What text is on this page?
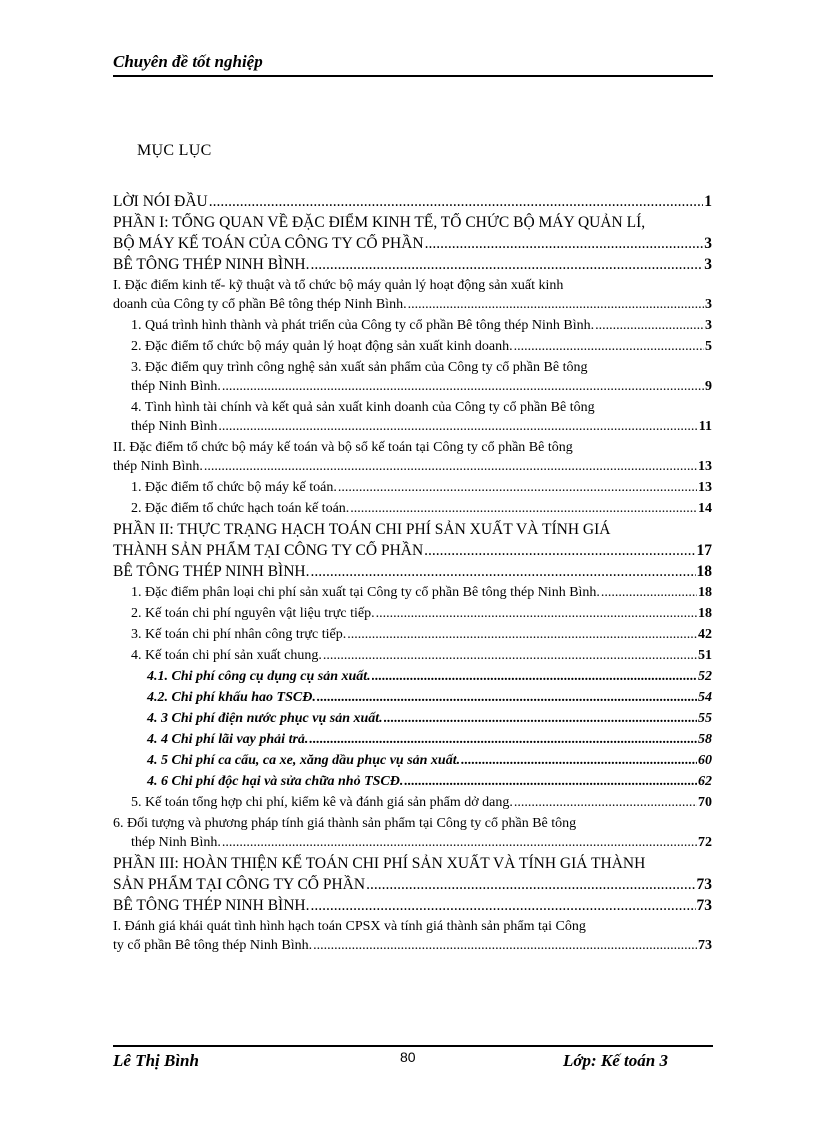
Chuyên đề tốt nghiệp
MỤC LỤC
LỜI NÓI ĐẦU .....	1
PHẦN I: TỔNG QUAN VỀ ĐẶC ĐIỂM KINH TẾ, TỔ CHỨC BỘ MÁY QUẢN LÍ,
BỘ MÁY KẾ TOÁN CỦA CÔNG TY CỔ PHẦN .....	3
BÊ TÔNG THÉP NINH BÌNH. .....	3
I. Đặc điểm kinh tế- kỹ thuật và tổ chức bộ máy quản lý hoạt động sản xuất kinh
doanh của Công ty cổ phần Bê tông thép Ninh Bình. .....	3
1. Quá trình hình thành và phát triển của Công ty cổ phần Bê tông thép Ninh Bình. .....	3
2. Đặc điểm tổ chức bộ máy quản lý hoạt động sản xuất kinh doanh. .....	5
3. Đặc điểm quy trình công nghệ sản xuất sản phẩm của Công ty cổ phần Bê tông
thép Ninh Bình. .....	9
4. Tình hình tài chính và kết quả sản xuất kinh doanh của Công ty cổ phần Bê tông
thép Ninh Bình .....	11
II. Đặc điểm tổ chức bộ máy kế toán và bộ sổ kế toán tại Công ty cổ phần Bê tông
thép Ninh Bình. .....	13
1. Đặc điểm tổ chức bộ máy kế toán. .....	13
2. Đặc điểm tổ chức hạch toán kế toán. .....	14
PHẦN II: THỰC TRẠNG HẠCH TOÁN CHI PHÍ SẢN XUẤT VÀ TÍNH GIÁ
THÀNH SẢN PHẨM TẠI CÔNG TY CỔ PHẦN .....	17
BÊ TÔNG THÉP NINH BÌNH. .....	18
1. Đặc điểm phân loại chi phí sản xuất tại Công ty cổ phần Bê tông thép Ninh Bình. .....	18
2. Kế toán chi phí nguyên vật liệu trực tiếp. .....	18
3. Kế toán chi phí nhân công trực tiếp. .....	42
4. Kế toán chi phí sản xuất chung. .....	51
4.1. Chi phí công cụ dụng cụ sản xuất. .....	52
4.2. Chi phí khấu hao TSCĐ. .....	54
4. 3 Chi phí điện nước phục vụ sản xuất. .....	55
4. 4 Chi phí lãi vay phải trả. .....	58
4. 5 Chi phí ca cẩu, ca xe, xăng dầu phục vụ sản xuất. .....	60
4. 6 Chi phí độc hại và sửa chữa nhỏ TSCĐ. .....	62
5. Kế toán tổng hợp chi phí, kiểm kê và đánh giá sản phẩm dở dang. .....	70
6. Đối tượng và phương pháp tính giá thành sản phẩm tại Công ty cổ phần Bê tông
thép Ninh Bình. .....	72
PHẦN III: HOÀN THIỆN KẾ TOÁN CHI PHÍ SẢN XUẤT VÀ TÍNH GIÁ THÀNH
SẢN PHẨM TẠI CÔNG TY CỔ PHẦN .....	73
BÊ TÔNG THÉP NINH BÌNH. .....	73
I. Đánh giá khái quát tình hình hạch toán CPSX và tính giá thành sản phẩm tại Công
ty cổ phần Bê tông thép Ninh Bình. .....	73
Lê Thị Bình	80	Lớp: Kế toán 3
